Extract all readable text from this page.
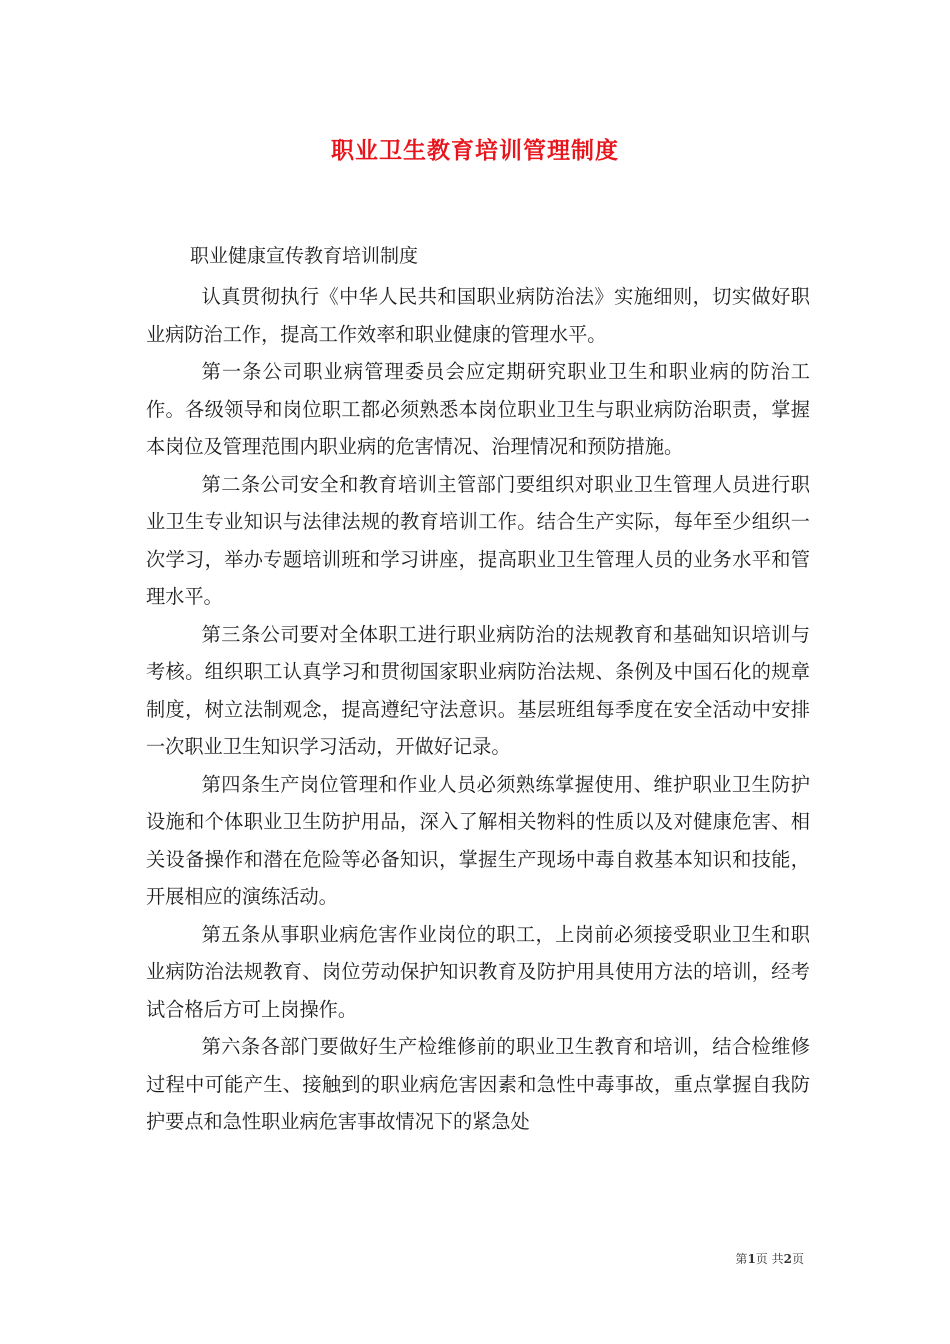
职业卫生教育培训管理制度
职业健康宣传教育培训制度

认真贯彻执行《中华人民共和国职业病防治法》实施细则，切实做好职业病防治工作，提高工作效率和职业健康的管理水平。

第一条公司职业病管理委员会应定期研究职业卫生和职业病的防治工作。各级领导和岗位职工都必须熟悉本岗位职业卫生与职业病防治职责，掌握本岗位及管理范围内职业病的危害情况、治理情况和预防措施。

第二条公司安全和教育培训主管部门要组织对职业卫生管理人员进行职业卫生专业知识与法律法规的教育培训工作。结合生产实际，每年至少组织一次学习，举办专题培训班和学习讲座，提高职业卫生管理人员的业务水平和管理水平。

第三条公司要对全体职工进行职业病防治的法规教育和基础知识培训与考核。组织职工认真学习和贯彻国家职业病防治法规、条例及中国石化的规章制度，树立法制观念，提高遵纪守法意识。基层班组每季度在安全活动中安排一次职业卫生知识学习活动，开做好记录。

第四条生产岗位管理和作业人员必须熟练掌握使用、维护职业卫生防护设施和个体职业卫生防护用品，深入了解相关物料的性质以及对健康危害、相关设备操作和潜在危险等必备知识，掌握生产现场中毒自救基本知识和技能，开展相应的演练活动。

第五条从事职业病危害作业岗位的职工，上岗前必须接受职业卫生和职业病防治法规教育、岗位劳动保护知识教育及防护用具使用方法的培训，经考试合格后方可上岗操作。

第六条各部门要做好生产检维修前的职业卫生教育和培训，结合检维修过程中可能产生、接触到的职业病危害因素和急性中毒事故，重点掌握自我防护要点和急性职业病危害事故情况下的紧急处

第1页 共2页
